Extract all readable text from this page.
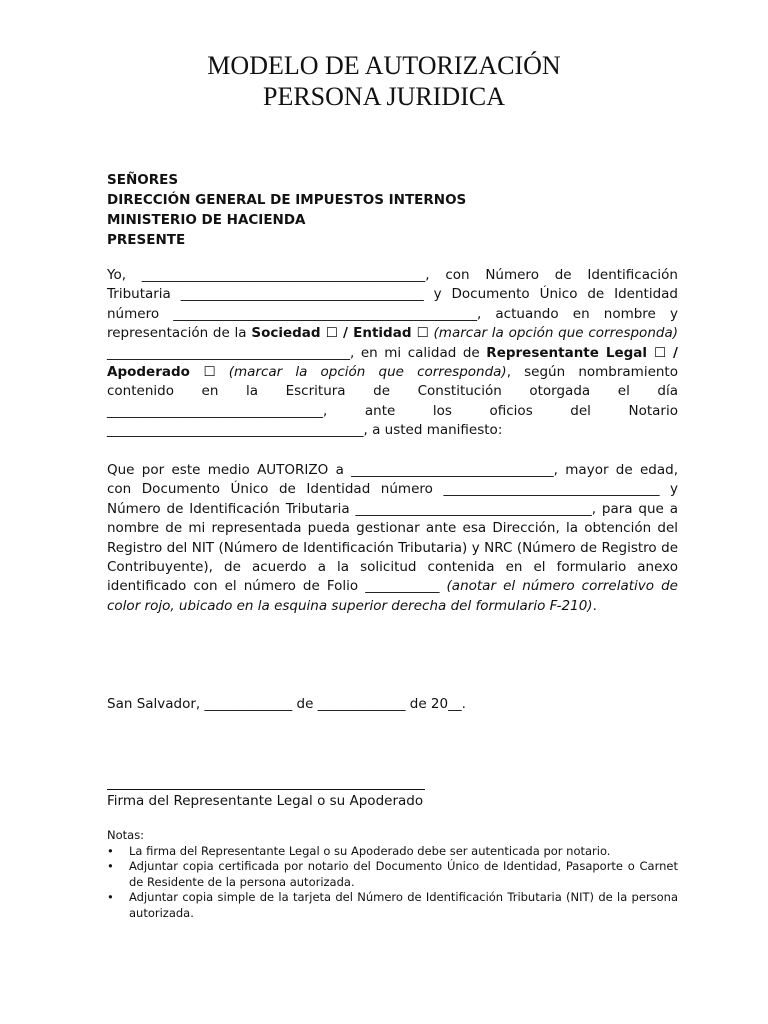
MODELO DE AUTORIZACIÓN
PERSONA JURIDICA
SEÑORES
DIRECCIÓN GENERAL DE IMPUESTOS INTERNOS
MINISTERIO DE HACIENDA
PRESENTE
Yo, __________________________________________, con Número de Identificación Tributaria ____________________________________ y Documento Único de Identidad número _____________________________________________, actuando en nombre y representación de la Sociedad ☐ / Entidad ☐ (marcar la opción que corresponda) ____________________________________, en mi calidad de Representante Legal ☐ / Apoderado ☐ (marcar la opción que corresponda), según nombramiento contenido en la Escritura de Constitución otorgada el día ________________________________, ante los oficios del Notario ______________________________________, a usted manifiesto:
Que por este medio AUTORIZO a ______________________________, mayor de edad, con Documento Único de Identidad número ________________________________ y Número de Identificación Tributaria ___________________________________, para que a nombre de mi representada pueda gestionar ante esa Dirección, la obtención del Registro del NIT (Número de Identificación Tributaria) y NRC (Número de Registro de Contribuyente), de acuerdo a la solicitud contenida en el formulario anexo identificado con el número de Folio ___________ (anotar el número correlativo de color rojo, ubicado en la esquina superior derecha del formulario F-210).
San Salvador, _____________ de _____________ de 20__.
Firma del Representante Legal o su Apoderado
Notas:
• La firma del Representante Legal o su Apoderado debe ser autenticada por notario.
• Adjuntar copia certificada por notario del Documento Único de Identidad, Pasaporte o Carnet de Residente de la persona autorizada.
• Adjuntar copia simple de la tarjeta del Número de Identificación Tributaria (NIT) de la persona autorizada.
